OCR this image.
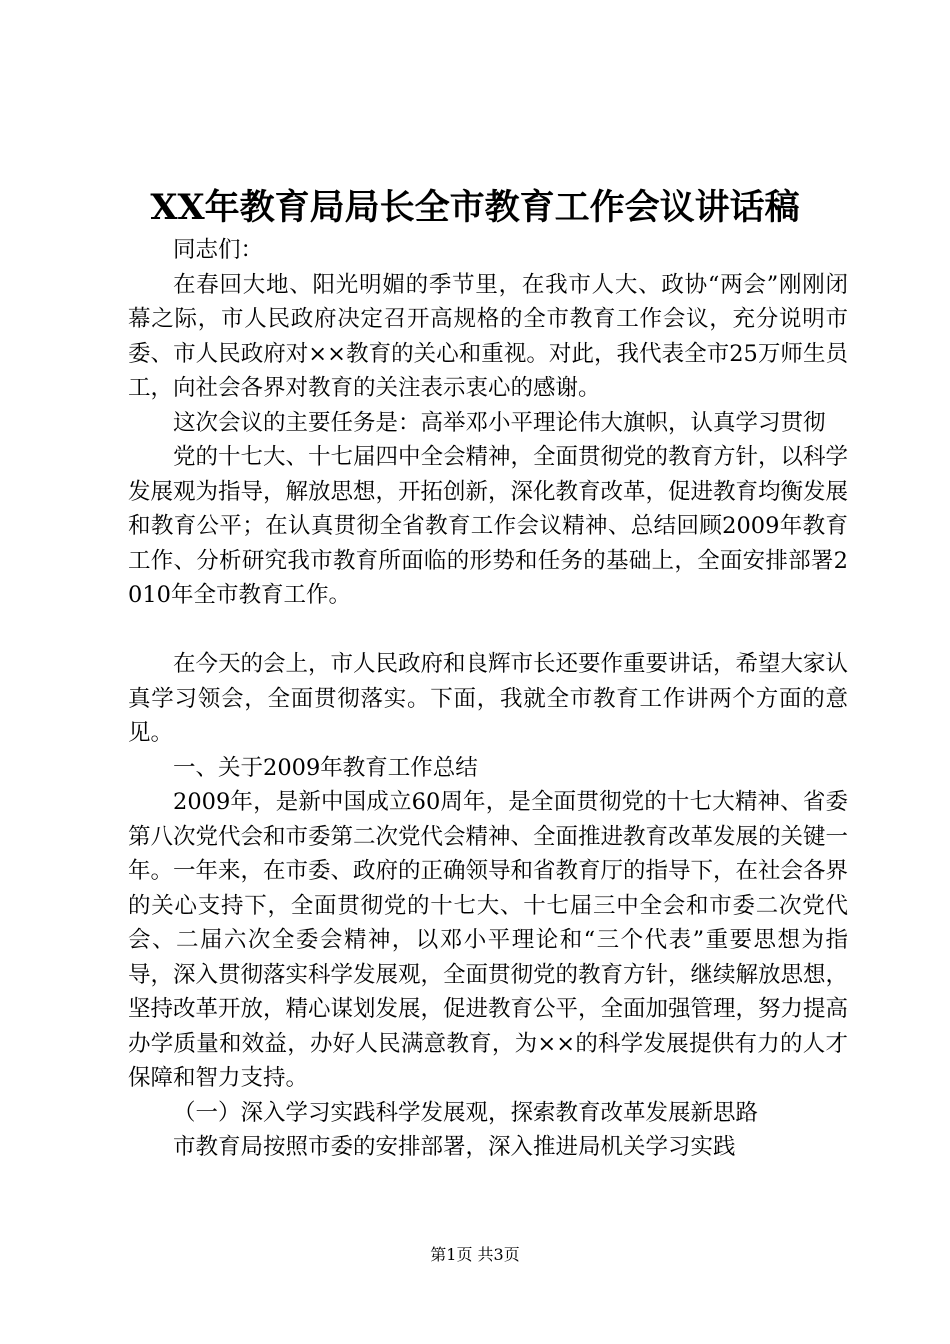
XX年教育局局长全市教育工作会议讲话稿

同志们：

在春回大地、阳光明媚的季节里，在我市人大、政协“两会”刚刚闭幕之际，市人民政府决定召开高规格的全市教育工作会议，充分说明市委、市人民政府对××教育的关心和重视。对此，我代表全市25万师生员工，向社会各界对教育的关注表示衷心的感谢。

这次会议的主要任务是：高举邓小平理论伟大旗帜，认真学习贯彻

党的十七大、十七届四中全会精神，全面贯彻党的教育方针，以科学发展观为指导，解放思想，开拓创新，深化教育改革，促进教育均衡发展和教育公平；在认真贯彻全省教育工作会议精神、总结回顾2009年教育工作、分析研究我市教育所面临的形势和任务的基础上，全面安排部署2010年全市教育工作。

在今天的会上，市人民政府和良辉市长还要作重要讲话，希望大家认真学习领会，全面贯彻落实。下面，我就全市教育工作讲两个方面的意见。

一、关于2009年教育工作总结

2009年，是新中国成立60周年，是全面贯彻党的十七大精神、省委第八次党代会和市委第二次党代会精神、全面推进教育改革发展的关键一年。一年来，在市委、政府的正确领导和省教育厅的指导下，在社会各界的关心支持下，全面贯彻党的十七大、十七届三中全会和市委二次党代会、二届六次全委会精神，以邓小平理论和“三个代表”重要思想为指导，深入贯彻落实科学发展观，全面贯彻党的教育方针，继续解放思想，坚持改革开放，精心谋划发展，促进教育公平，全面加强管理，努力提高办学质量和效益，办好人民满意教育，为××的科学发展提供有力的人才保障和智力支持。

（一）深入学习实践科学发展观，探索教育改革发展新思路

市教育局按照市委的安排部署，深入推进局机关学习实践

第1页 共3页
